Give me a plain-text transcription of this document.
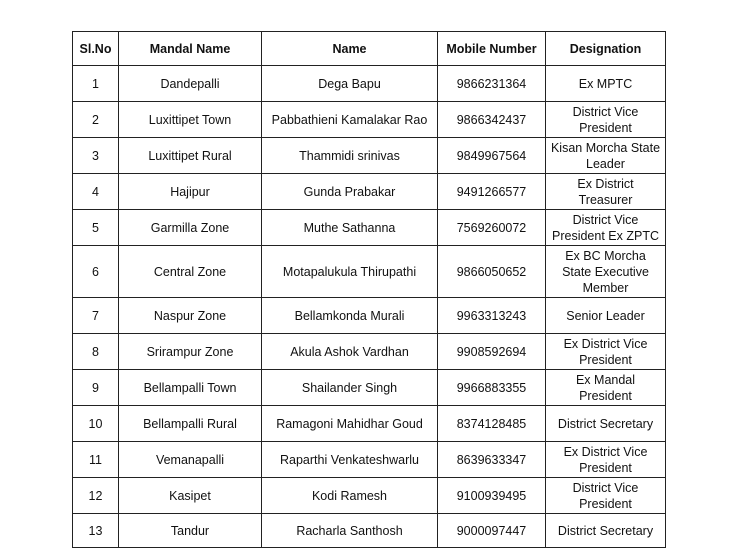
Sl.No	Mandal Name	Name	Mobile Number	Designation
1	Dandepalli	Dega Bapu	9866231364	Ex MPTC
2	Luxittipet Town	Pabbathieni Kamalakar Rao	9866342437	District Vice President
3	Luxittipet Rural	Thammidi srinivas	9849967564	Kisan Morcha State Leader
4	Hajipur	Gunda Prabakar	9491266577	Ex District Treasurer
5	Garmilla Zone	Muthe Sathanna	7569260072	District Vice President Ex ZPTC
6	Central Zone	Motapalukula Thirupathi	9866050652	Ex BC Morcha State Executive Member
7	Naspur Zone	Bellamkonda Murali	9963313243	Senior Leader
8	Srirampur Zone	Akula Ashok Vardhan	9908592694	Ex District Vice President
9	Bellampalli Town	Shailander Singh	9966883355	Ex Mandal President
10	Bellampalli Rural	Ramagoni Mahidhar Goud	8374128485	District Secretary
11	Vemanapalli	Raparthi Venkateshwarlu	8639633347	Ex District Vice President
12	Kasipet	Kodi Ramesh	9100939495	District Vice President
13	Tandur	Racharla Santhosh	9000097447	District Secretary
